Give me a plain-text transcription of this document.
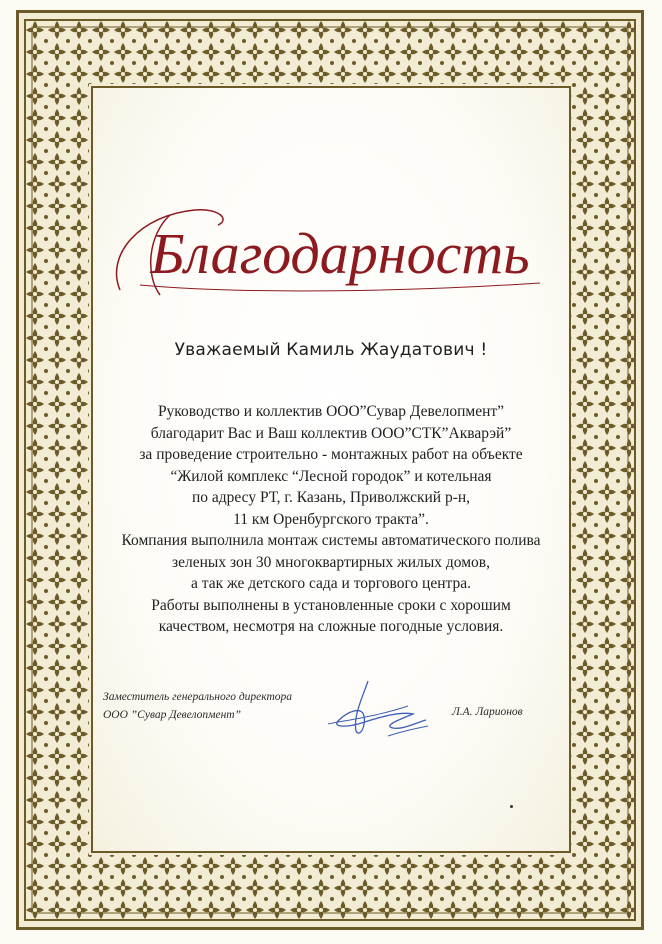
Благодарность
Уважаемый Камиль Жаудатович !
Руководство и коллектив ООО”Сувар Девелопмент”
благодарит Вас и Ваш коллектив ООО”СТК”Акварэй”
за проведение строительно - монтажных работ на объекте
“Жилой комплекс “Лесной городок” и котельная
по адресу РТ, г. Казань, Приволжский р-н,
11 км Оренбургского тракта”.
Компания выполнила монтаж системы автоматического полива
зеленых зон 30 многоквартирных жилых домов,
а так же детского сада и торгового центра.
Работы выполнены в установленные сроки с хорошим
качеством, несмотря на сложные погодные условия.
Заместитель генерального директора
ООО ”Сувар Девелопмент”	Л.А. Ларионов
